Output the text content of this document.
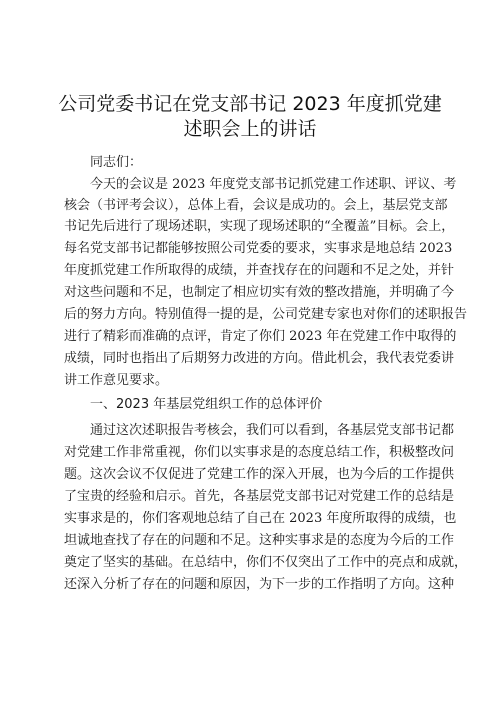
公司党委书记在党支部书记 2023 年度抓党建
述职会上的讲话
同志们：
今天的会议是 2023 年度党支部书记抓党建工作述职、评议、考
核会（书评考会议），总体上看，会议是成功的。会上，基层党支部
书记先后进行了现场述职，实现了现场述职的“全覆盖”目标。会上，
每名党支部书记都能够按照公司党委的要求，实事求是地总结 2023
年度抓党建工作所取得的成绩，并查找存在的问题和不足之处，并针
对这些问题和不足，也制定了相应切实有效的整改措施，并明确了今
后的努力方向。特别值得一提的是，公司党建专家也对你们的述职报告
进行了精彩而准确的点评，肯定了你们 2023 年在党建工作中取得的
成绩，同时也指出了后期努力改进的方向。借此机会，我代表党委讲
讲工作意见要求。
一、2023 年基层党组织工作的总体评价
通过这次述职报告考核会，我们可以看到，各基层党支部书记都
对党建工作非常重视，你们以实事求是的态度总结工作，积极整改问
题。这次会议不仅促进了党建工作的深入开展，也为今后的工作提供
了宝贵的经验和启示。首先，各基层党支部书记对党建工作的总结是
实事求是的，你们客观地总结了自己在 2023 年度所取得的成绩，也
坦诚地查找了存在的问题和不足。这种实事求是的态度为今后的工作
奠定了坚实的基础。在总结中，你们不仅突出了工作中的亮点和成就，
还深入分析了存在的问题和原因，为下一步的工作指明了方向。这种
